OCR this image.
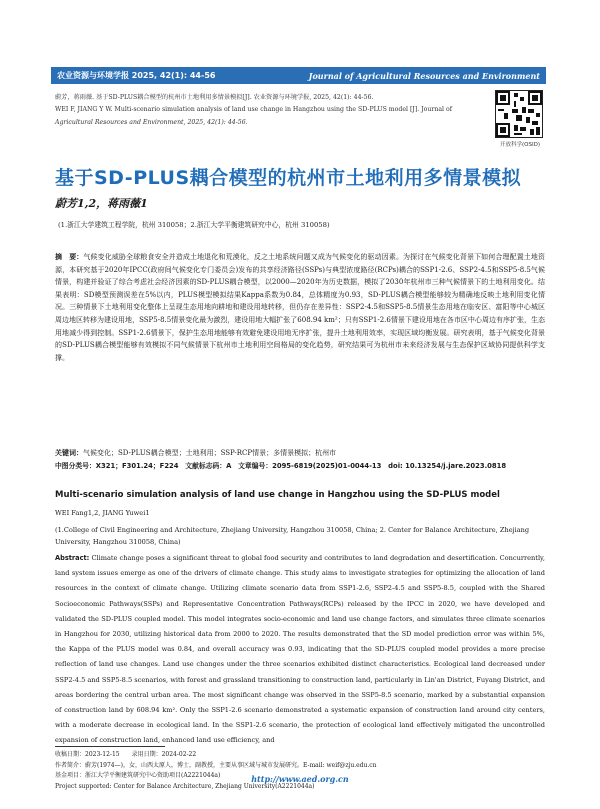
农业资源与环境学报 2025, 42(1): 44-56	Journal of Agricultural Resources and Environment
蔚芳，蒋雨薇. 基于SD-PLUS耦合模型的杭州市土地利用多情景模拟[J]. 农业资源与环境学报, 2025, 42(1): 44-56.
WEI F, JIANG Y W. Multi-scenario simulation analysis of land use change in Hangzhou using the SD-PLUS model [J]. Journal of
Agricultural Resources and Environment, 2025, 42(1): 44-56.
开放科学(OSID)
基于SD-PLUS耦合模型的杭州市土地利用多情景模拟
蔚芳1,2，蒋雨薇1
(1.浙江大学建筑工程学院，杭州 310058；2.浙江大学平衡建筑研究中心，杭州 310058)
摘　要：气候变化威胁全球粮食安全并造成土地退化和荒漠化，反之土地系统问题又成为气候变化的驱动因素。为探讨在气候变化背景下如何合理配置土地资源，本研究基于2020年IPCC(政府间气候变化专门委员会)发布的共享经济路径(SSPs)与典型浓度路径(RCPs)耦合的SSP1-2.6、SSP2-4.5和SSP5-8.5气候情景，构建并验证了综合考虑社会经济因素的SD-PLUS耦合模型，以2000—2020年为历史数据，模拟了2030年杭州市三种气候情景下的土地利用变化。结果表明：SD模型预测误差在5%以内，PLUS模型模拟结果Kappa系数为0.84，总体精度为0.93，SD-PLUS耦合模型能够较为精确地反映土地利用变化情况。三种情景下土地利用变化整体上呈现生态用地向耕地和建设用地转移，但仍存在差异性：SSP2-4.5和SSP5-8.5情景生态用地在临安区、富阳等中心城区周边地区转移为建设用地，SSP5-8.5情景变化最为激烈，建设用地大幅扩张了608.94 km²；只有SSP1-2.6情景下建设用地在各市区中心周边有序扩张，生态用地减少得到控制。SSP1-2.6情景下，保护生态用地能够有效避免建设用地无序扩张，提升土地利用效率，实现区域均衡发展。研究表明，基于气候变化背景的SD-PLUS耦合模型能够有效模拟不同气候情景下杭州市土地利用空间格局的变化趋势，研究结果可为杭州市未来经济发展与生态保护区域协同提供科学支撑。
关键词：气候变化；SD-PLUS耦合模型；土地利用；SSP-RCP情景；多情景模拟；杭州市
中图分类号：X321；F301.24；F224　文献标志码：A　文章编号：2095-6819(2025)01-0044-13　doi: 10.13254/j.jare.2023.0818
Multi-scenario simulation analysis of land use change in Hangzhou using the SD-PLUS model
WEI Fang1,2, JIANG Yuwei1
(1.College of Civil Engineering and Architecture, Zhejiang University, Hangzhou 310058, China; 2. Center for Balance Architecture, Zhejiang University, Hangzhou 310058, China)
Abstract: Climate change poses a significant threat to global food security and contributes to land degradation and desertification. Concurrently, land system issues emerge as one of the drivers of climate change. This study aims to investigate strategies for optimizing the allocation of land resources in the context of climate change. Utilizing climate scenario data from SSP1-2.6, SSP2-4.5 and SSP5-8.5, coupled with the Shared Socioeconomic Pathways(SSPs) and Representative Concentration Pathways(RCPs) released by the IPCC in 2020, we have developed and validated the SD-PLUS coupled model. This model integrates socio-economic and land use change factors, and simulates three climate scenarios in Hangzhou for 2030, utilizing historical data from 2000 to 2020. The results demonstrated that the SD model prediction error was within 5%, the Kappa of the PLUS model was 0.84, and overall accuracy was 0.93, indicating that the SD-PLUS coupled model provides a more precise reflection of land use changes. Land use changes under the three scenarios exhibited distinct characteristics. Ecological land decreased under SSP2-4.5 and SSP5-8.5 scenarios, with forest and grassland transitioning to construction land, particularly in Lin'an District, Fuyang District, and areas bordering the central urban area. The most significant change was observed in the SSP5-8.5 scenario, marked by a substantial expansion of construction land by 608.94 km². Only the SSP1-2.6 scenario demonstrated a systematic expansion of construction land around city centers, with a moderate decrease in ecological land. In the SSP1-2.6 scenario, the protection of ecological land effectively mitigated the uncontrolled expansion of construction land, enhanced land use efficiency, and
收稿日期：2023-12-15　　录用日期：2024-02-22
作者简介：蔚芳(1974—)，女，山西太原人，博士，副教授，主要从事区域与城市发展研究。E-mail: weif@zju.edu.cn
基金项目：浙江大学平衡建筑研究中心资助项目(A2221044a)
Project supported: Center for Balance Architecture, Zhejiang University(A2221044a)
http://www.aed.org.cn
